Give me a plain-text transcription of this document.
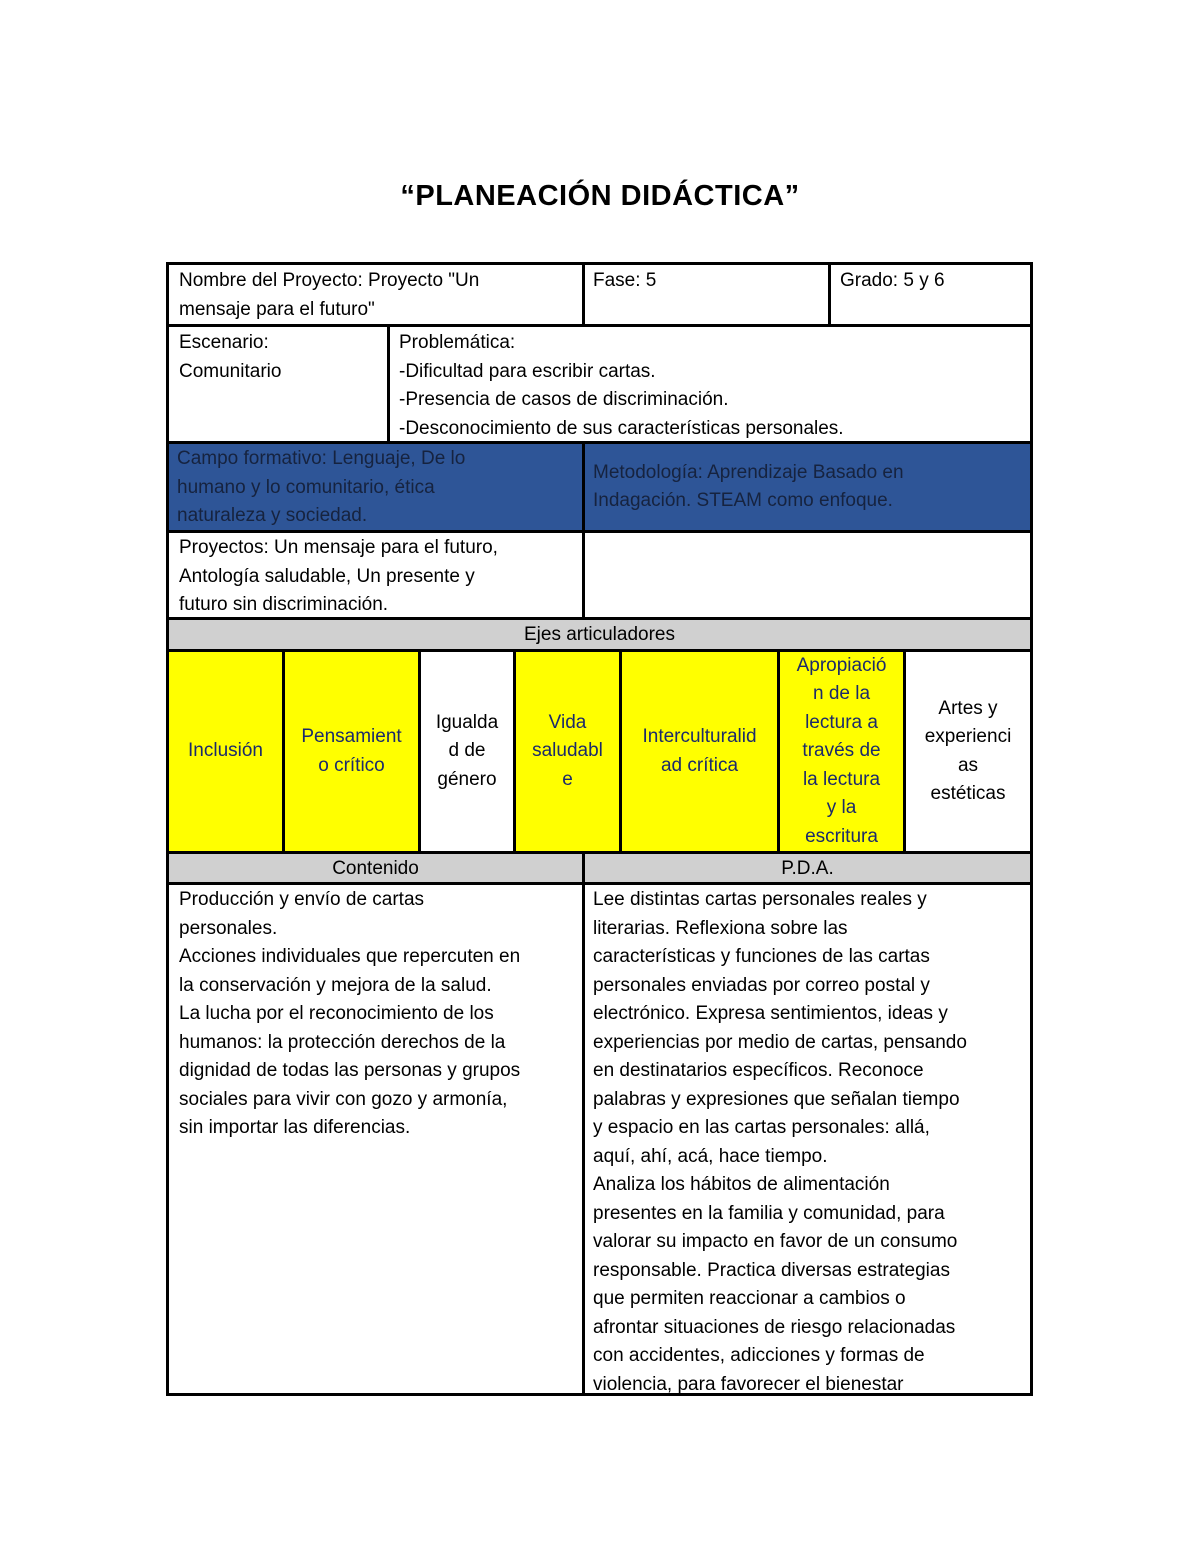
“PLANEACIÓN DIDÁCTICA”
Nombre del Proyecto: Proyecto "Un
mensaje para el futuro"
Fase: 5	Grado: 5 y 6
Escenario:
Comunitario
Problemática:
-Dificultad para escribir cartas.
-Presencia de casos de discriminación.
-Desconocimiento de sus características personales.
Campo formativo: Lenguaje, De lo
humano y lo comunitario, ética
naturaleza y sociedad.
Metodología: Aprendizaje Basado en
Indagación. STEAM como enfoque.
Proyectos: Un mensaje para el futuro,
Antología saludable, Un presente y
futuro sin discriminación.
Ejes articuladores
Inclusión
Pensamient
o crítico
Igualda
d de
género
Vida
saludabl
e
Interculturalid
ad crítica
Apropiació
n de la
lectura a
través de
la lectura
y la
escritura
Artes y
experienci
as
estéticas
Contenido	P.D.A.
Producción y envío de cartas
personales.
Acciones individuales que repercuten en
la conservación y mejora de la salud.
La lucha por el reconocimiento de los
humanos: la protección derechos de la
dignidad de todas las personas y grupos
sociales para vivir con gozo y armonía,
sin importar las diferencias.
Lee distintas cartas personales reales y
literarias. Reflexiona sobre las
características y funciones de las cartas
personales enviadas por correo postal y
electrónico. Expresa sentimientos, ideas y
experiencias por medio de cartas, pensando
en destinatarios específicos. Reconoce
palabras y expresiones que señalan tiempo
y espacio en las cartas personales: allá,
aquí, ahí, acá, hace tiempo.
Analiza los hábitos de alimentación
presentes en la familia y comunidad, para
valorar su impacto en favor de un consumo
responsable. Practica diversas estrategias
que permiten reaccionar a cambios o
afrontar situaciones de riesgo relacionadas
con accidentes, adicciones y formas de
violencia, para favorecer el bienestar
